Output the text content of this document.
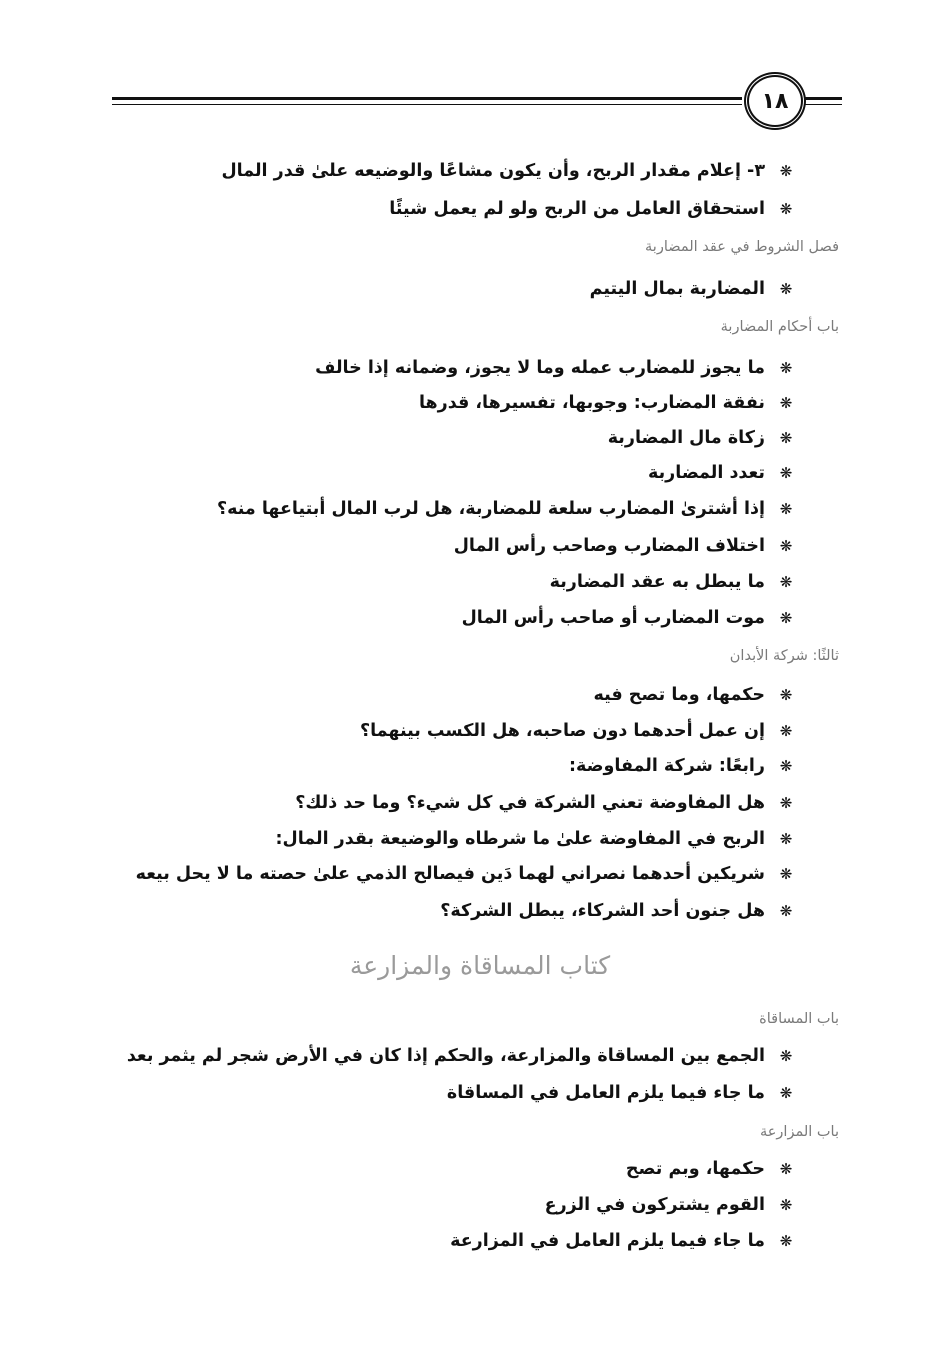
١٨
❋٣- إعلام مقدار الربح، وأن يكون مشاعًا والوضيعه علىٰ قدر المال
❋استحقاق العامل من الربح ولو لم يعمل شيئًا
فصل الشروط في عقد المضاربة
❋المضاربة بمال اليتيم
باب أحكام المضاربة
❋ما يجوز للمضارب عمله وما لا يجوز، وضمانه إذا خالف
❋نفقة المضارب: وجوبها، تفسيرها، قدرها
❋زكاة مال المضاربة
❋تعدد المضاربة
❋إذا أشترىٰ المضارب سلعة للمضاربة، هل لرب المال أبتياعها منه؟
❋اختلاف المضارب وصاحب رأس المال
❋ما يبطل به عقد المضاربة
❋موت المضارب أو صاحب رأس المال
ثالثًا: شركة الأبدان
❋حكمها، وما تصح فيه
❋إن عمل أحدهما دون صاحبه، هل الكسب بينهما؟
❋رابعًا: شركة المفاوضة:
❋هل المفاوضة تعني الشركة في كل شيء؟ وما حد ذلك؟
❋الربح في المفاوضة علىٰ ما شرطاه والوضيعة بقدر المال:
❋شريكين أحدهما نصراني لهما دَين فيصالح الذمي علىٰ حصته ما لا يحل بيعه
❋هل جنون أحد الشركاء، يبطل الشركة؟
كتاب المساقاة والمزارعة
باب المساقاة
❋الجمع بين المساقاة والمزارعة، والحكم إذا كان في الأرض شجر لم يثمر بعد
❋ما جاء فيما يلزم العامل في المساقاة
باب المزارعة
❋حكمها، وبم تصح
❋القوم يشتركون في الزرع
❋ما جاء فيما يلزم العامل في المزارعة
